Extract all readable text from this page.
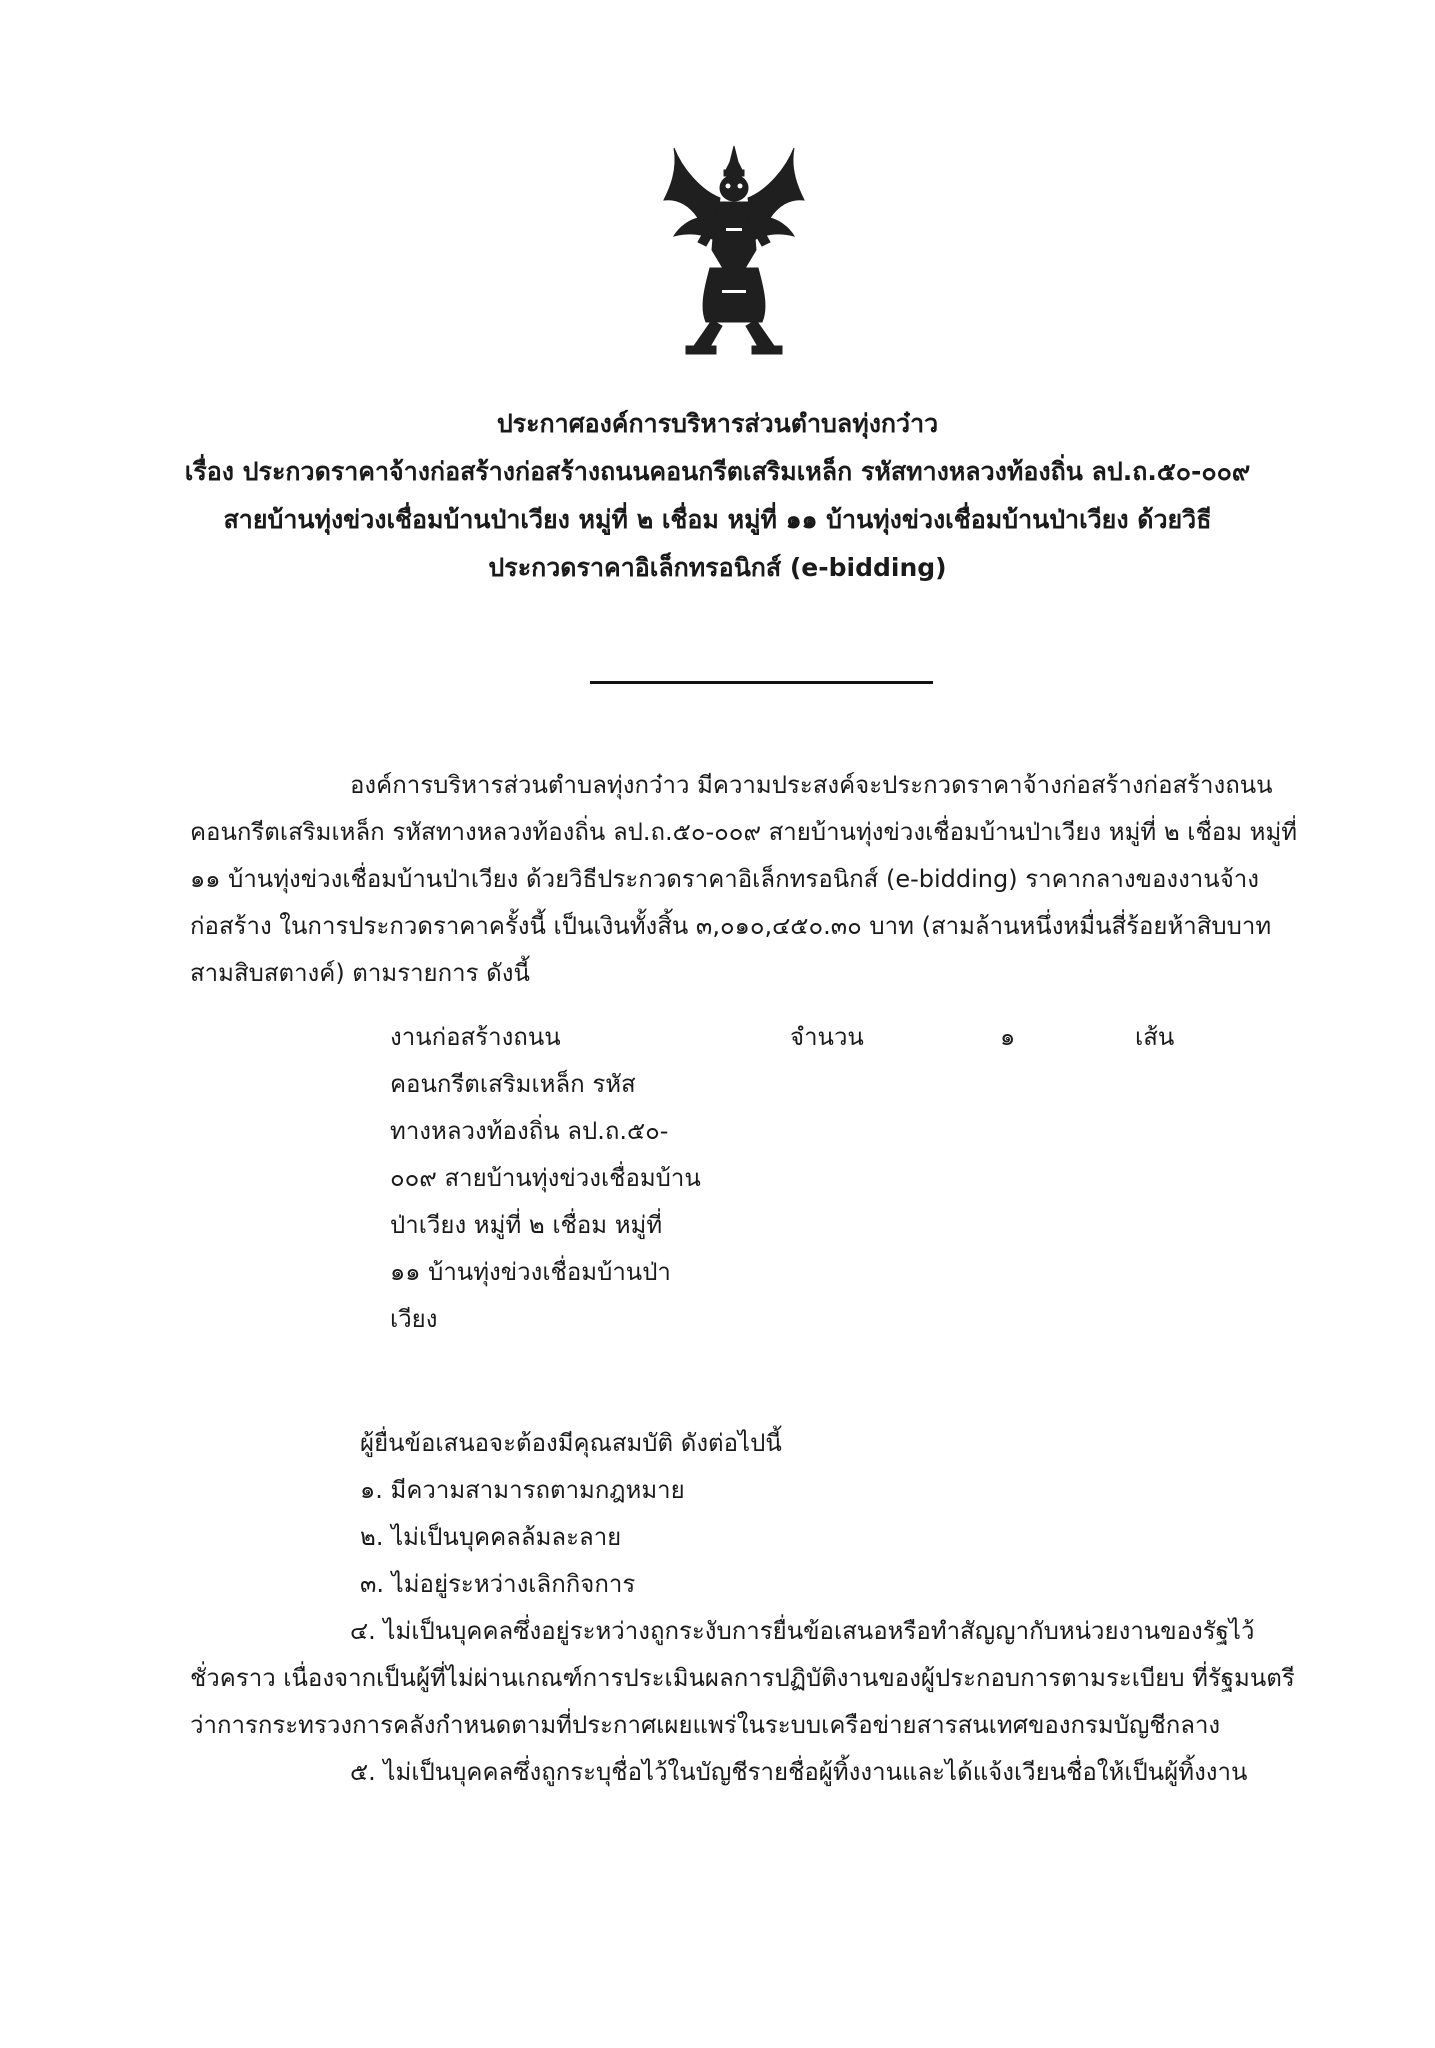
ประกาศองค์การบริหารส่วนตำบลทุ่งกว๋าว

เรื่อง ประกวดราคาจ้างก่อสร้างก่อสร้างถนนคอนกรีตเสริมเหล็ก รหัสทางหลวงท้องถิ่น ลป.ถ.๕๐-๐๐๙

สายบ้านทุ่งข่วงเชื่อมบ้านป่าเวียง หมู่ที่ ๒ เชื่อม หมู่ที่ ๑๑ บ้านทุ่งข่วงเชื่อมบ้านป่าเวียง ด้วยวิธี

ประกวดราคาอิเล็กทรอนิกส์ (e-bidding)

องค์การบริหารส่วนตำบลทุ่งกว๋าว มีความประสงค์จะประกวดราคาจ้างก่อสร้างก่อสร้างถนนคอนกรีตเสริมเหล็ก รหัสทางหลวงท้องถิ่น ลป.ถ.๕๐-๐๐๙ สายบ้านทุ่งข่วงเชื่อมบ้านป่าเวียง หมู่ที่ ๒ เชื่อม หมู่ที่ ๑๑ บ้านทุ่งข่วงเชื่อมบ้านป่าเวียง ด้วยวิธีประกวดราคาอิเล็กทรอนิกส์ (e-bidding) ราคากลางของงานจ้างก่อสร้าง ในการประกวดราคาครั้งนี้ เป็นเงินทั้งสิ้น ๓,๐๑๐,๔๕๐.๓๐ บาท (สามล้านหนึ่งหมื่นสี่ร้อยห้าสิบบาทสามสิบสตางค์) ตามรายการ ดังนี้

งานก่อสร้างถนน
คอนกรีตเสริมเหล็ก รหัส
ทางหลวงท้องถิ่น ลป.ถ.๕๐-
๐๐๙ สายบ้านทุ่งข่วงเชื่อมบ้าน
ป่าเวียง หมู่ที่ ๒ เชื่อม หมู่ที่
๑๑ บ้านทุ่งข่วงเชื่อมบ้านป่า
เวียง
จำนวน	๑	เส้น
ผู้ยื่นข้อเสนอจะต้องมีคุณสมบัติ ดังต่อไปนี้
๑. มีความสามารถตามกฎหมาย
๒. ไม่เป็นบุคคลล้มละลาย
๓. ไม่อยู่ระหว่างเลิกกิจการ

๔. ไม่เป็นบุคคลซึ่งอยู่ระหว่างถูกระงับการยื่นข้อเสนอหรือทำสัญญากับหน่วยงานของรัฐไว้ชั่วคราว เนื่องจากเป็นผู้ที่ไม่ผ่านเกณฑ์การประเมินผลการปฏิบัติงานของผู้ประกอบการตามระเบียบ ที่รัฐมนตรีว่าการกระทรวงการคลังกำหนดตามที่ประกาศเผยแพร่ในระบบเครือข่ายสารสนเทศของกรมบัญชีกลาง

๕. ไม่เป็นบุคคลซึ่งถูกระบุชื่อไว้ในบัญชีรายชื่อผู้ทิ้งงานและได้แจ้งเวียนชื่อให้เป็นผู้ทิ้งงาน
